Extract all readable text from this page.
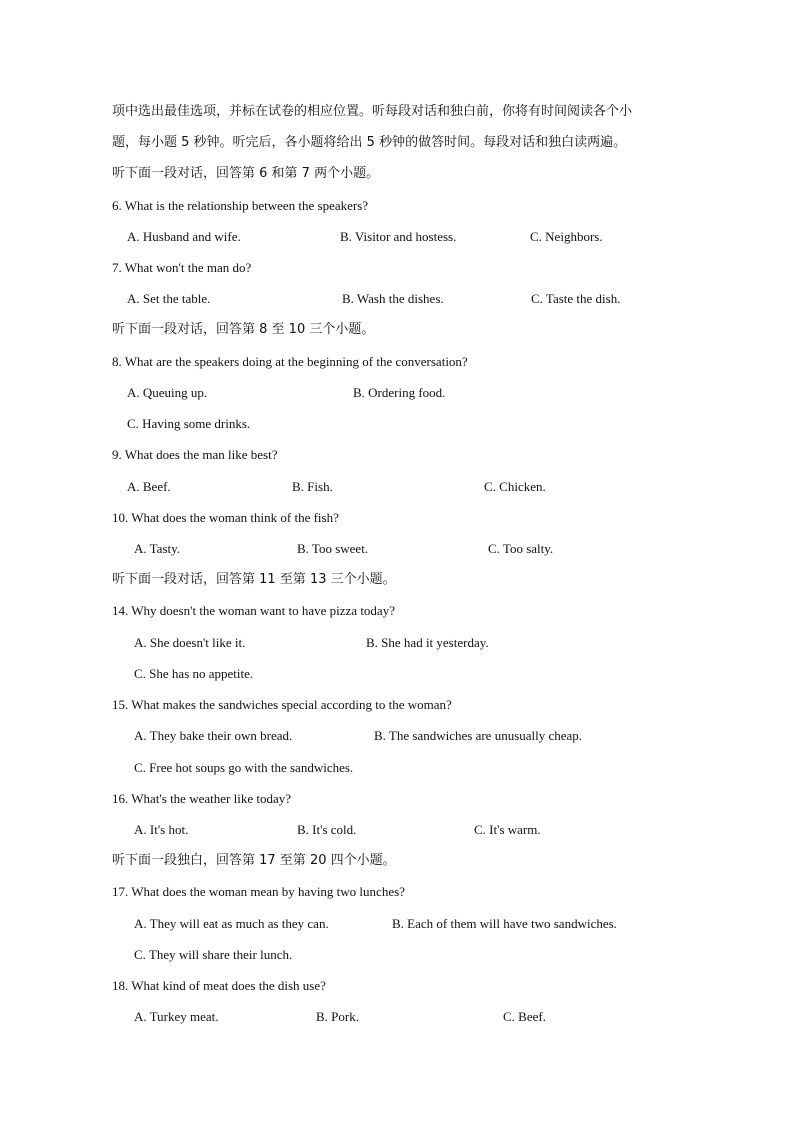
项中选出最佳选项，并标在试卷的相应位置。听每段对话和独白前，你将有时间阅读各个小
题，每小题 5 秒钟。听完后，各小题将给出 5 秒钟的做答时间。每段对话和独白读两遍。
听下面一段对话，回答第 6 和第 7 两个小题。
6. What is the relationship between the speakers?
A. Husband and wife.	B. Visitor and hostess.	C. Neighbors.
7. What won't the man do?
A. Set the table.	B. Wash the dishes.	C. Taste the dish.
听下面一段对话，回答第 8 至 10 三个小题。
8. What are the speakers doing at the beginning of the conversation?
A. Queuing up.	B. Ordering food.
C. Having some drinks.
9. What does the man like best?
A. Beef.	B. Fish.	C. Chicken.
10. What does the woman think of the fish?
A. Tasty.	B. Too sweet.	C. Too salty.
听下面一段对话，回答第 11 至第 13 三个小题。
14. Why doesn't the woman want to have pizza today?
A. She doesn't like it.	B. She had it yesterday.
C. She has no appetite.
15. What makes the sandwiches special according to the woman?
A. They bake their own bread.	B. The sandwiches are unusually cheap.
C. Free hot soups go with the sandwiches.
16. What's the weather like today?
A. It's hot.	B. It's cold.	C. It's warm.
听下面一段独白，回答第 17 至第 20 四个小题。
17. What does the woman mean by having two lunches?
A. They will eat as much as they can.	B. Each of them will have two sandwiches.
C. They will share their lunch.
18. What kind of meat does the dish use?
A. Turkey meat.	B. Pork.	C. Beef.
